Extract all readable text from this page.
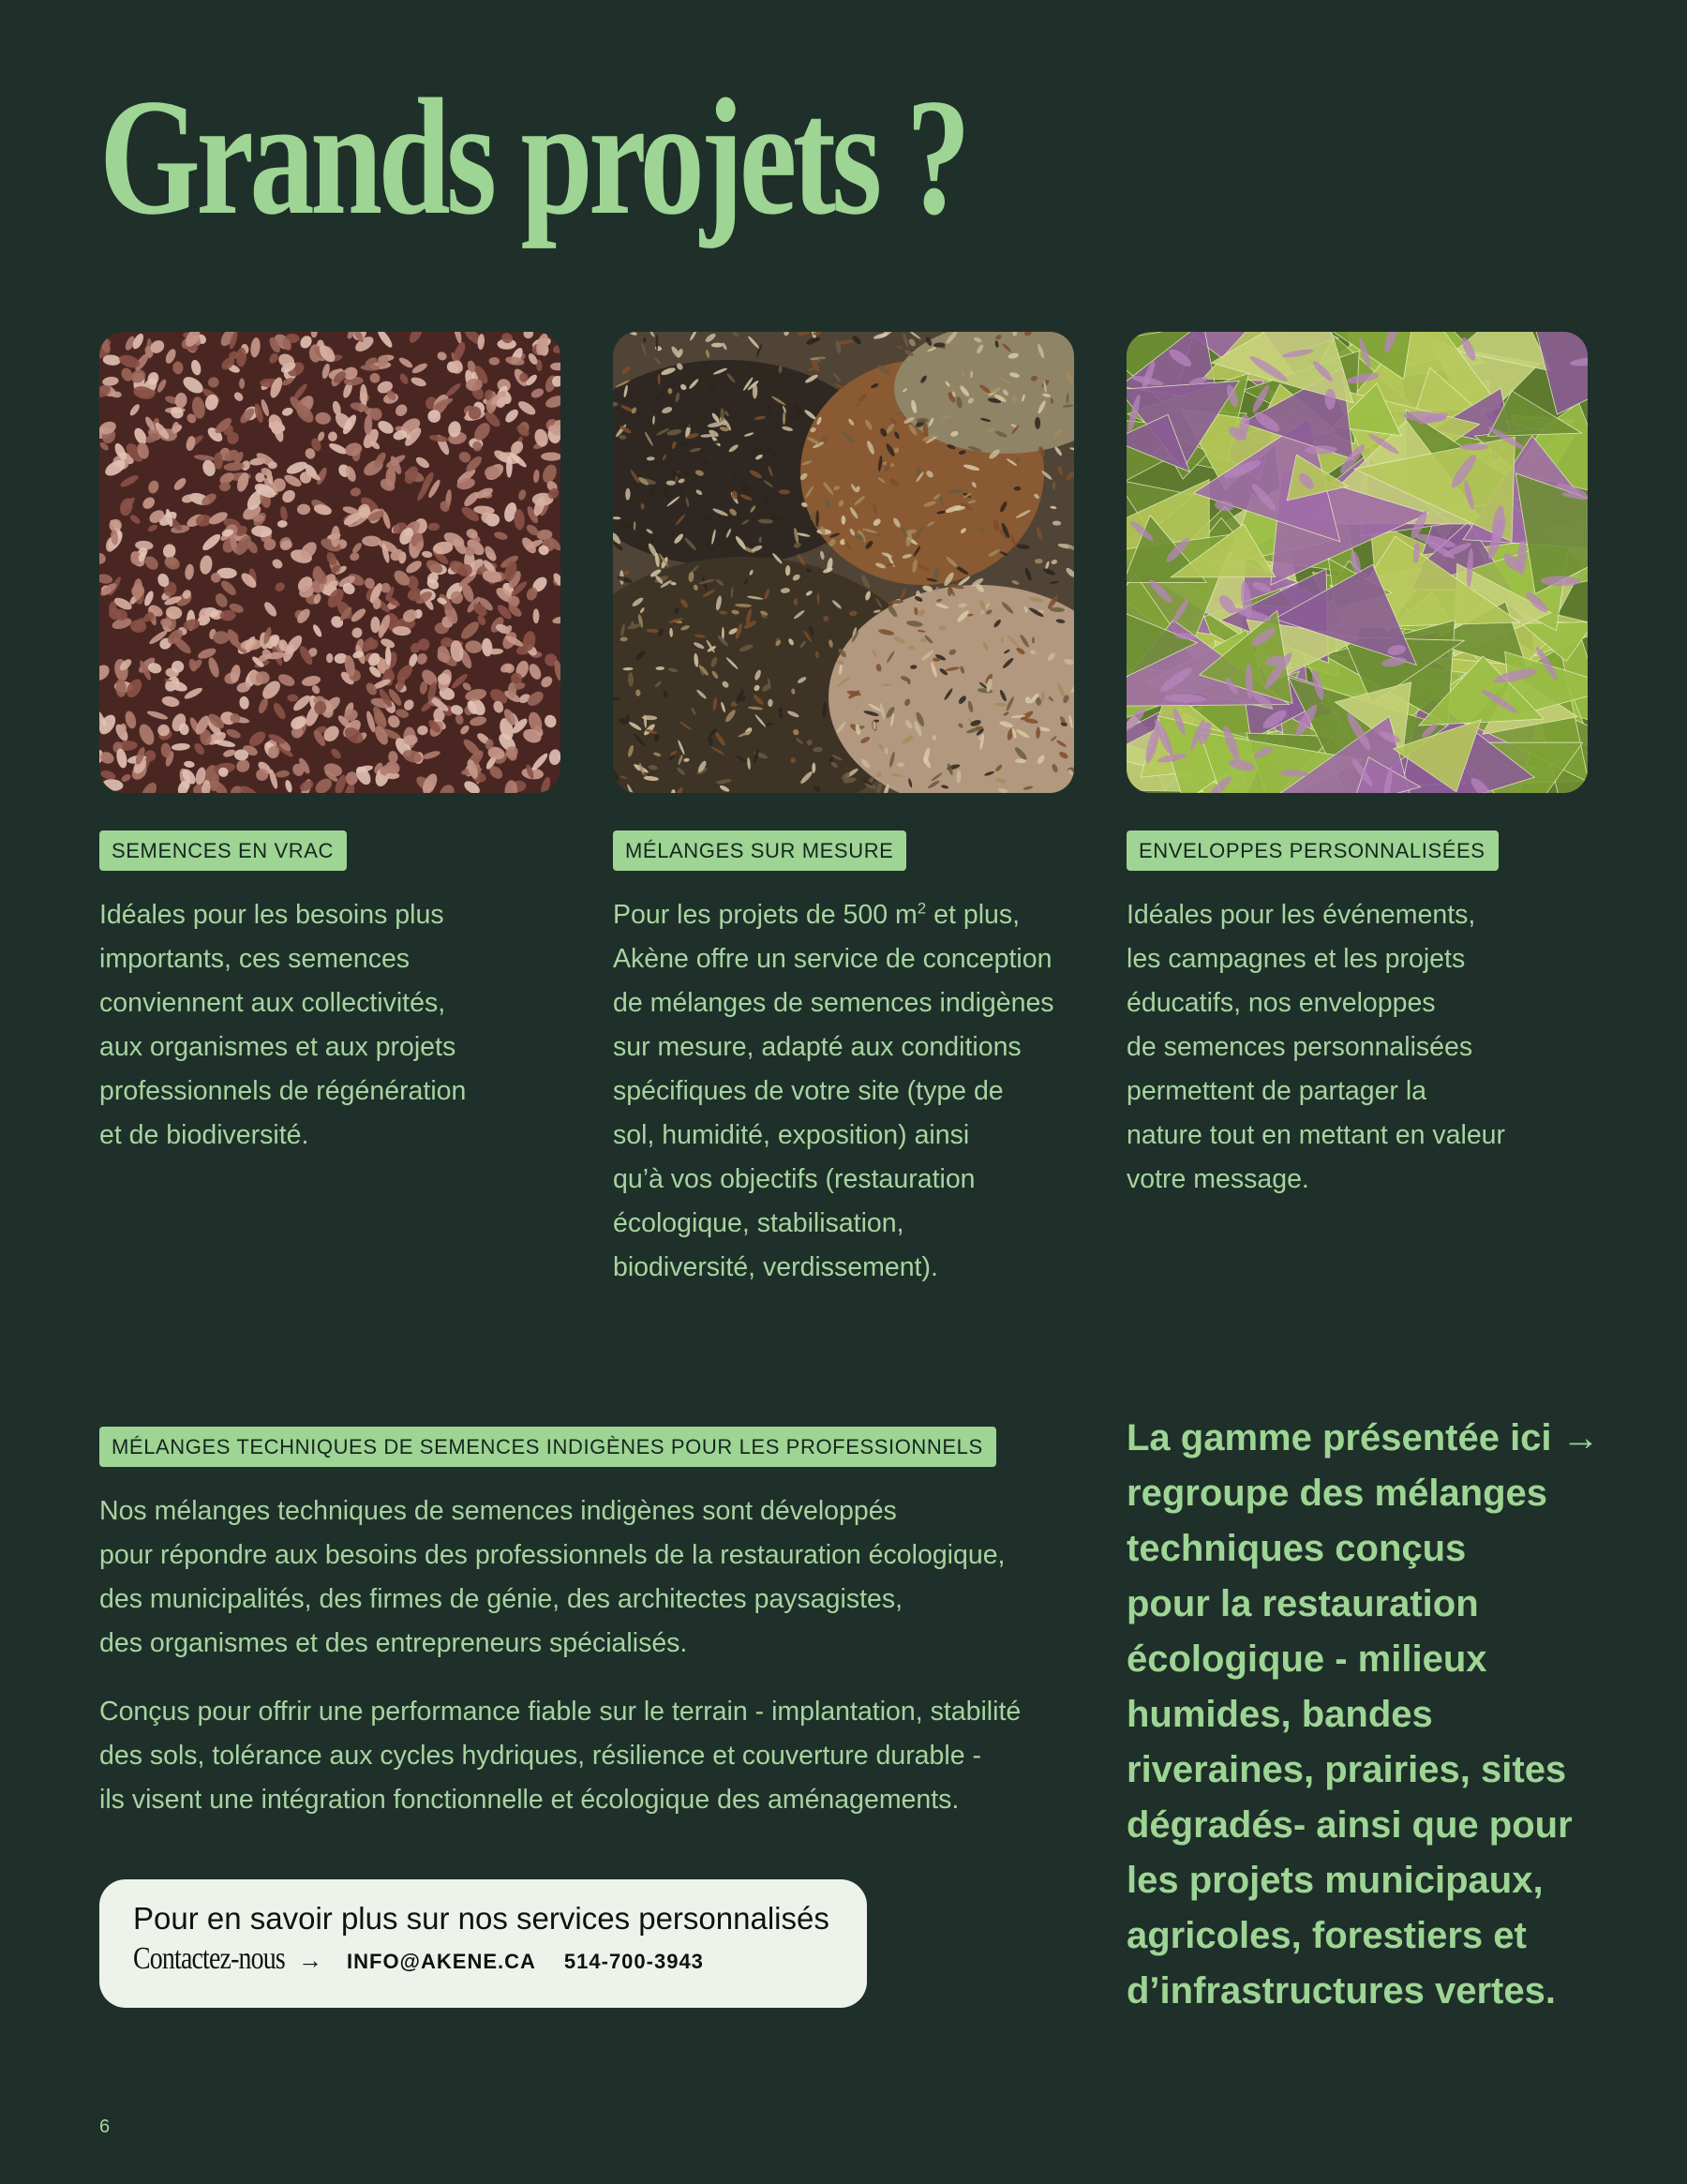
Grands projets ?
SEMENCES EN VRAC
Idéales pour les besoins plus
importants, ces semences
conviennent aux collectivités,
aux organismes et aux projets
professionnels de régénération
et de biodiversité.
MÉLANGES SUR MESURE
Pour les projets de 500 $m^2$ et plus,
Akène offre un service de conception
de mélanges de semences indigènes
sur mesure, adapté aux conditions
spécifiques de votre site (type de
sol, humidité, exposition) ainsi
qu’à vos objectifs (restauration
écologique, stabilisation,
biodiversité, verdissement).
ENVELOPPES PERSONNALISÉES
Idéales pour les événements,
les campagnes et les projets
éducatifs, nos enveloppes
de semences personnalisées
permettent de partager la
nature tout en mettant en valeur
votre message.
MÉLANGES TECHNIQUES DE SEMENCES INDIGÈNES POUR LES PROFESSIONNELS
Nos mélanges techniques de semences indigènes sont développés
pour répondre aux besoins des professionnels de la restauration écologique,
des municipalités, des firmes de génie, des architectes paysagistes,
des organismes et des entrepreneurs spécialisés.
Conçus pour offrir une performance fiable sur le terrain - implantation, stabilité
des sols, tolérance aux cycles hydriques, résilience et couverture durable -
ils visent une intégration fonctionnelle et écologique des aménagements.
Pour en savoir plus sur nos services personnalisés
Contactez-nous → INFO@AKENE.CA 514-700-3943
La gamme présentée ici →
regroupe des mélanges
techniques conçus
pour la restauration
écologique - milieux
humides, bandes
riveraines, prairies, sites
dégradés- ainsi que pour
les projets municipaux,
agricoles, forestiers et
d’infrastructures vertes.
6
